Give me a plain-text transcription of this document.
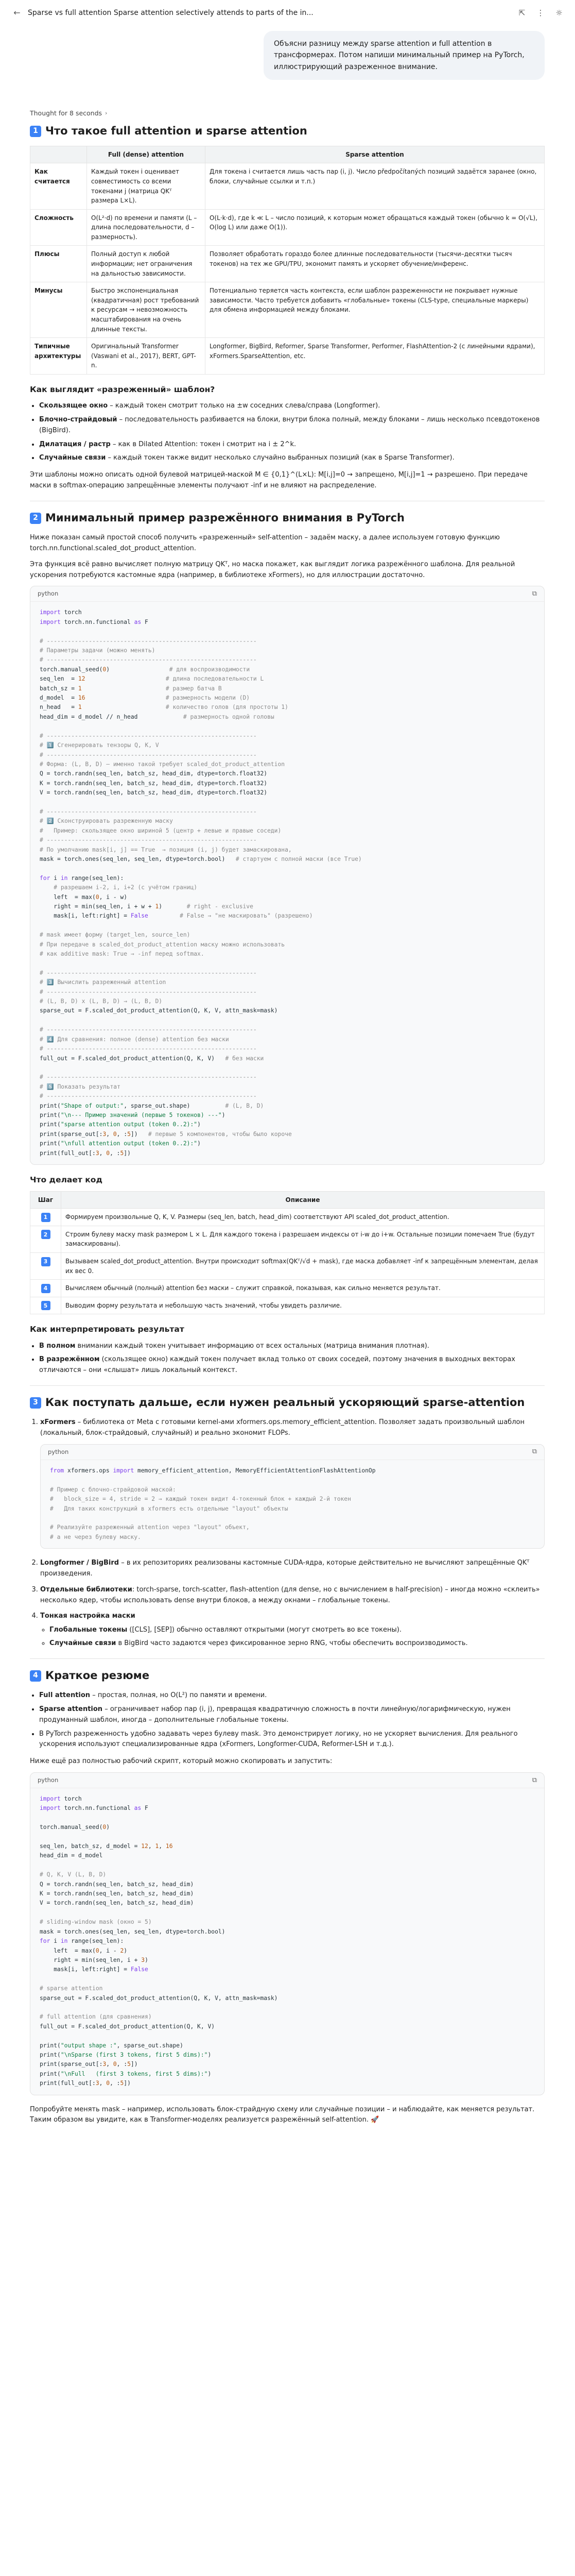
←	Sparse vs full attention Sparse attention selectively attends to parts of the in...	⇱	⋮ ☼
Объясни разницу между sparse attention и full attention в трансформерах. Потом напиши минимальный пример на PyTorch, иллюстрирующий разреженное внимание.
Thought for 8 seconds ›
1 Что такое full attention и sparse attention
	Full (dense) attention	Sparse attention
Как считается	Каждый токен i оценивает совместимость со всеми токенами j (матрица QKᵀ размера L×L).	Для токена i считается лишь часть пар (i, j). Число předpočítaných позиций задаётся заранее (окно, блоки, случайные ссылки и т.п.)
Сложность	O(L²·d) по времени и памяти (L – длина последовательности, d – размерность).	O(L·k·d), где k ≪ L – число позиций, к которым может обращаться каждый токен (обычно k = O(√L), O(log L) или даже O(1)).
Плюсы	Полный доступ к любой информации; нет ограничения на дальностью зависимости.	Позволяет обработать гораздо более длинные последовательности (тысячи–десятки тысяч токенов) на тех же GPU/TPU, экономит память и ускоряет обучение/инференс.
Минусы	Быстро экспоненциальная (квадратичная) рост требований к ресурсам → невозможность масштабирования на очень длинные тексты.	Потенциально теряется часть контекста, если шаблон разреженности не покрывает нужные зависимости. Часто требуется добавить «глобальные» токены (CLS-type, специальные маркеры) для обмена информацией между блоками.
Типичные архитектуры	Оригинальный Transformer (Vaswani et al., 2017), BERT, GPT-n.	Longformer, BigBird, Reformer, Sparse Transformer, Performer, FlashAttention-2 (с линейными ядрами), xFormers.SparseAttention, etc.
Как выглядит «разреженный» шаблон?
• Скользящее окно – каждый токен смотрит только на ±w соседних слева/справа (Longformer).
• Блочно-страйдовый – последовательность разбивается на блоки, внутри блока полный, между блоками – лишь несколько псевдотокенов (BigBird).
• Дилатация / растр – как в Dilated Attention: токен i смотрит на i ± 2^k.
• Случайные связи – каждый токен также видит несколько случайно выбранных позиций (как в Sparse Transformer).

Эти шаблоны можно описать одной булевой матрицей-маской M ∈ {0,1}^(L×L): M[i,j]=0 → запрещено, M[i,j]=1 → разрешено. При передаче маски в softmax-операцию запрещённые элементы получают -inf и не влияют на распределение.

2 Минимальный пример разрежённого внимания в PyTorch

Ниже показан самый простой способ получить «разреженный» self-attention – задаём маску, а далее используем готовую функцию torch.nn.functional.scaled_dot_product_attention.

Эта функция всё равно вычисляет полную матрицу QKᵀ, но маска покажет, как выглядит логика разрежённого шаблона. Для реальной ускорения потребуются кастомные ядра (например, в библиотеке xFormers), но для иллюстрации достаточно.

python	⧉
import torch
import torch.nn.functional as F

# ------------------------------------------------------------
# Параметры задачи (можно менять)
# ------------------------------------------------------------
torch.manual_seed(0)                 # для воспроизводимости
seq_len  = 12	# длина последовательности L
batch_sz = 1	# размер батча B
d_model  = 16	# размерность модели (D)
n_head   = 1	# количество голов (для простоты 1)
head_dim = d_model // n_head	# размерность одной головы

# ------------------------------------------------------------
# 1️⃣ Сгенерировать тензоры Q, K, V
# ------------------------------------------------------------
# Форма: (L, B, D) – именно такой требует scaled_dot_product_attention
Q = torch.randn(seq_len, batch_sz, head_dim, dtype=torch.float32)
K = torch.randn(seq_len, batch_sz, head_dim, dtype=torch.float32)
V = torch.randn(seq_len, batch_sz, head_dim, dtype=torch.float32)

# ------------------------------------------------------------
# 2️⃣ Сконструировать разреженную маску
#   Пример: скользящее окно шириной 5 (центр + левые и правые соседи)
# ------------------------------------------------------------
# По умолчанию mask[i, j] == True  → позиция (i, j) будет замаскирована,
mask = torch.ones(seq_len, seq_len, dtype=torch.bool)   # стартуем с полной маски (все True)

for i in range(seq_len):
# разрешаем i-2, i, i+2 (с учётом границ)
left  = max(0, i - w)
right = min(seq_len, i + w + 1)       # right - exclusive
mask[i, left:right] = False	# False → "не маскировать" (разрешено)

# mask имеет форму (target_len, source_len)
# При передаче в scaled_dot_product_attention маску можно использовать
# как additive mask: True → -inf перед softmax.

# ------------------------------------------------------------
# 3️⃣ Вычислить разреженный attention
# ------------------------------------------------------------
# (L, B, D) x (L, B, D) → (L, B, D)
sparse_out = F.scaled_dot_product_attention(Q, K, V, attn_mask=mask)

# ------------------------------------------------------------
# 4️⃣ Для сравнения: полное (dense) attention без маски
# ------------------------------------------------------------
full_out = F.scaled_dot_product_attention(Q, K, V)   # без маски

# ------------------------------------------------------------
# 5️⃣ Показать результат
# ------------------------------------------------------------
print("Shape of output:", sparse_out.shape)          # (L, B, D)
print("\n--- Пример значений (первые 5 токенов) ---")
print("sparse attention output (token 0..2):")
print(sparse_out[:3, 0, :5])   # первые 5 компонентов, чтобы было короче
print("\nfull attention output (token 0..2):")
print(full_out[:3, 0, :5])
Что делает код
Шаг	Описание
1	Формируем произвольные Q, K, V. Размеры (seq_len, batch, head_dim) соответствуют API scaled_dot_product_attention.
2	Строим булеву маску mask размером L × L. Для каждого токена i разрешаем индексы от i-w до i+w. Остальные позиции помечаем True (будут замаскированы).
3	Вызываем scaled_dot_product_attention. Внутри происходит softmax(QKᵀ/√d + mask), где маска добавляет -inf к запрещённым элементам, делая их вес 0.
4	Вычисляем обычный (полный) attention без маски – служит справкой, показывая, как сильно меняется результат.
5	Выводим форму результата и небольшую часть значений, чтобы увидеть различие.
Как интерпретировать результат
• В полном внимании каждый токен учитывает информацию от всех остальных (матрица внимания плотная).
• В разрежённом (скользящее окно) каждый токен получает вклад только от своих соседей, поэтому значения в выходных векторах отличаются – они «слышат» лишь локальный контекст.
3 Как поступать дальше, если нужен реальный ускоряющий sparse-attention
1. xFormers – библиотека от Meta с готовыми kernel-ами xformers.ops.memory_efficient_attention. Позволяет задать произвольный шаблон (локальный, блок-страйдовый, случайный) и реально экономит FLOPs.
python	⧉
from xformers.ops import memory_efficient_attention, MemoryEfficientAttentionFlashAttentionOp

# Пример с блочно-страйдовой маской:
#   block_size = 4, stride = 2 → каждый токен видит 4-токенный блок + каждый 2-й токен
#   Для таких конструкций в xformers есть отдельные "layout" объекты

# Реализуйте разреженный attention через "layout" объект,
# а не через булеву маску.
2. Longformer / BigBird – в их репозиториях реализованы кастомные CUDA-ядра, которые действительно не вычисляют запрещённые QKᵀ произведения.
3. Отдельные библиотеки: torch-sparse, torch-scatter, flash-attention (для dense, но с вычислением в half-precision) – иногда можно «склеить» несколько ядер, чтобы использовать dense внутри блоков, а между окнами – глобальные токены.
4. Тонкая настройка маски
◦ Глобальные токены ([CLS], [SEP]) обычно оставляют открытыми (могут смотреть во все токены).
◦ Случайные связи в BigBird часто задаются через фиксированное зерно RNG, чтобы обеспечить воспроизводимость.
4 Краткое резюме
• Full attention – простая, полная, но O(L²) по памяти и времени.
• Sparse attention – ограничивает набор пар (i, j), превращая квадратичную сложность в почти линейную/логарифмическую, нужен продуманный шаблон, иногда – дополнительные глобальные токены.
• В PyTorch разреженность удобно задавать через булеву mask. Это демонстрирует логику, но не ускоряет вычисления. Для реального ускорения используют специализированные ядра (xFormers, Longformer-CUDA, Reformer-LSH и т.д.).

Ниже ещё раз полностью рабочий скрипт, который можно скопировать и запустить:

python	⧉
import torch
import torch.nn.functional as F

torch.manual_seed(0)

seq_len, batch_sz, d_model = 12, 1, 16
head_dim = d_model

# Q, K, V (L, B, D)
Q = torch.randn(seq_len, batch_sz, head_dim)
K = torch.randn(seq_len, batch_sz, head_dim)
V = torch.randn(seq_len, batch_sz, head_dim)

# sliding-window mask (окно = 5)
mask = torch.ones(seq_len, seq_len, dtype=torch.bool)
for i in range(seq_len):
left  = max(0, i - 2)
right = min(seq_len, i + 3)
mask[i, left:right] = False

# sparse attention
sparse_out = F.scaled_dot_product_attention(Q, K, V, attn_mask=mask)

# full attention (для сравнения)
full_out = F.scaled_dot_product_attention(Q, K, V)

print("output shape :", sparse_out.shape)
print("\nSparse (first 3 tokens, first 5 dims):")
print(sparse_out[:3, 0, :5])
print("\nFull   (first 3 tokens, first 5 dims):")
print(full_out[:3, 0, :5])

Попробуйте менять mask – например, использовать блок-страйдную схему или случайные позиции – и наблюдайте, как меняется результат. Таким образом вы увидите, как в Transformer-моделях реализуется разрежённый self-attention. 🚀
